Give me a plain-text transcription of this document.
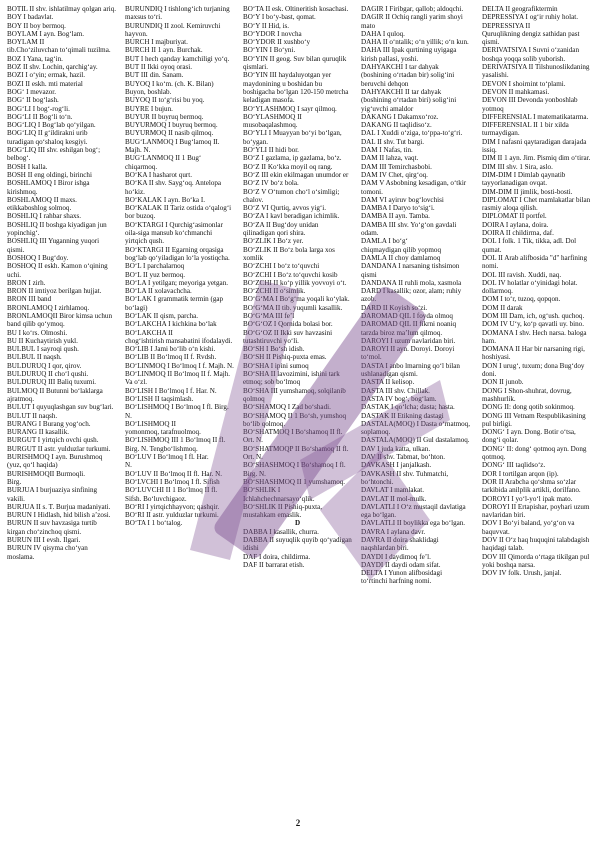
BOTIL II shv. ishlatilmay qolgan ariq.
BOY I badavlat.
BOY II boy bermoq.
BOYLAM I ayn. Bog‘lam.
BOYLAM II
tib.Cho‘ziluvchan to‘qimali tuzilma.
BOZ I Yana, tag‘in.
BOZ II shv. Lochin, qarchig‘ay.
BOZI I o‘yin; ermak, hazil.
BOZI II eskh. mti material
BOG‘ I mevazor.
BOG‘ II bog‘lash.
BOG‘LI I bog‘-rog‘li.
BOG‘LI II Bog‘li to‘n.
BOG‘LIQ I Bog‘lab qo‘yilgan.
BOG‘LIQ II g‘ildirakni urib turadigan qo‘shaloq kesgiyi.
BOG‘LIQ III shv. eshilgan bog‘; belbog‘.
BOSH I kalla.
BOSH II eng oldingi, birinchi
BOSHLAMOQ I Biror ishga kirishmoq.
BOSHLAMOQ II maxs. etikkaboshlog solmoq.
BOSHLIQ I rahbar shaxs.
BOSHLIQ II boshga kiyadigan jun yopinchig‘.
BOSHLIQ III Yuganning yuqori qismi.
BOSHOQ I Bug‘doy.
BOSHOQ II eskh. Kamon o‘qining uchi.
BRON I zirh.
BRON II imtiyoz berilgan hujjat.
BRON III band
BRONLAMOQ I zirhlamoq.
BRONLAMOQII Biror kimsa uchun band qilib qo‘ymoq.
BU I ko‘rs. Olmoshi.
BU II Kuchaytirish yukl.
BULBUL I sayroqi qush.
BULBUL II naqsh.
BULDURUQ I qor, qirov.
BULDURUQ II cho‘l qushi.
BULDURUQ III Baliq tuxumi.
BULMOQ II Butunni bo‘laklarga ajratmoq.
BULUT I quyuqlashgan suv bug‘lari.
BULUT II naqsh.
BURANG I Burang yog‘och.
BURANG II kasallik.
BURGUT I yirtqich ovchi qush.
BURGUT II astr. yulduzlar turkumi.
BURISHMOQ I ayn. Burushmoq (yuz, qo‘l haqida)
BURISHMOQII Burmoqli.
Birg.
BURJUA I burjuaziya sinfining vakili.
BURJUA II s. T. Burjua madaniyati.
BURUN I Hidlash, hid bilish a’zosi.
BURUN II suv havzasiga turtib kirgan cho‘zinchoq qismi.
BURUN III I evsh. Ilgari.
BURUN IV qisyma cho‘yan moslama.
BURUNDIQ I tishlong‘ich turjaning maxsus to‘ri.
BURUNDIQ II zool. Kemiruvchi hayvon.
BURCH I majburiyat.
BURCH II 1 ayn. Burchak.
BUT I hech qanday kamchiligi yo‘q.
BUT II Ikki oyoq orasi.
BUT III din. Sanam.
BUYOQ I ko‘m. (ch. K. Bilan) Buyon, boshlab.
BUYOQ II to‘g‘risi bu yoq.
BUYRE I bujun.
BUYUR II buyruq bermoq.
BUYURMOQ I buyruq bermoq.
BUYURMOQ II nasib qilmoq.
BUG‘LANMOQ I Bug‘lamoq II. Majh. N.
BUG‘LANMOQ II 1 Bug‘ chiqarmoq.
BO‘KA I hasharot qurt.
BO‘KA II shv. Sayg‘oq. Antelopa ho‘kiz.
BO‘KALAK I ayn. Bo‘ka I.
BO‘KALAK II Tariz ostida o‘qalog‘i bor buzoq.
BO‘KTARGI I Qurchig‘asimonlar oila-siga mansub ko‘chmanchi yirtqich qush.
BO‘KTARGI II Egarning orqasiga bog‘lab qo‘yiladigan lo‘la yostiqcha.
BO‘L I parchalarnoq
BO‘L II yuz bermoq.
BO‘LA I yetilgan; meyoriga yetgan.
BO‘LA II xolavachcha.
BO‘LAK I grammatik termin (gap bo‘lagi)
BO‘LAK II qism, parcha.
BO‘LAKCHA I kichkina bo‘lak
BO‘LAKCHA II
chog‘ishtirish mansabatini ifodalaydi.
BO‘LIB I Jami bo‘lib o‘n kishi.
BO‘LIB II Bo‘lmoq II f. Rvdsh.
BO‘LINMOQ I Bo‘lmoq I f. Majh. N.
BO‘LINMOQ II Bo‘lmoq II f. Majh. Va o‘zl.
BO‘LISH I Bo‘lmoq I f. Har. N.
BO‘LISH II taqsimlash.
BO‘LISHMOQ I Bo‘lmoq I fl. Birg. N.
BO‘LISHMOQ II
yomonmoq, tarafnuolmoq.
BO‘LISHMOQ III 1 Bo‘lmoq II fl. Birg. N. Tengbo‘lishmoq.
BO‘LUV I Bo‘lmoq I fl. Har.
N.
BO‘LUV II Bo‘lmoq II fl. Har. N.
BO‘LVCHI I Bo‘lmoq I fl. Sifish
BO‘LUVCHI II 1 Bo‘lmoq II fl. Sifsh. Bo‘luvchigaoz.
BO‘RI I yirtqichhayvon; qashqir.
BO‘RI II astr. yulduzlar turkumi.
BO‘TA I 1 bo‘talog.
BO‘TA II esk. Oltineritish kosachasi.
BO‘Y I bo‘y-bast, qomat.
BO‘Y II Hid, is.
BO‘YDOR I novcha
BO‘YDOR II xushbo‘y
BO‘YIN I Bo‘yni.
BO‘YIN II geog. Suv bilan quruqlik qismlari.
BO‘YIN III haydaluyotgan yer maydonining u boshidan bu boshigacha bo‘lgan 120-150 metrcha keladigan masofa.
BO‘YLASHMOQ I sayr qilmoq.
BO‘YLASHMOQ II musobaqalashmoq.
BO‘YLI I Muayyan bo‘yi bo‘lgan, bo‘ygan.
BO‘YLI II hidi bor.
BO‘Z I gazlama, ip gazlama, bo‘z.
BO‘Z II Ko‘kka moyil oq rang.
BO‘Z III ekin ekilmagan unumdor er
BO‘Z IV bo‘z bola.
BO‘Z V O‘tumon cho‘l o‘simligi; chalov.
BO‘Z VI Qurtiq, avvos yig‘i.
BO‘ZA I kavl beradigan ichimlik.
BO‘ZA II Bug‘doy unidan qilinadigan qori shira.
BO‘ZLIK I Bo‘z yer.
BO‘ZLIK II Bo‘z bola larga xos xomlik
BO‘ZCHI I bo‘z to‘quvchi
BO‘ZCHI I Bo‘z to‘quvchi kosib
BO‘ZCHI II ko‘p yillik yovvoyi o‘t.
BO‘ZCHI II o‘simlik.
BO‘G‘MA I Bo‘g‘ma yoqali ko‘ylak.
BO‘G‘MA II tib. yuqumli kasallik.
BO‘G‘MA III fe’l
BO‘G‘OZ I Qornida bolasi bor.
BO‘G‘OZ II Ikki suv havzasini tutashtiruvchi yo‘li.
BO‘SH I Bo‘sh idish.
BO‘SH II Pishiq-puxta emas.
BO‘SHA I ipini sumoq
BO‘SHA II lavozimini, ishini tark etmoq; sob bo‘lmoq
BO‘SHA III yumshamoq, solqilanib qolmoq
BO‘SHAMOQ I Zad bo‘shadi.
BO‘SHAMOQ II 1 Bo‘sh, yumshoq bo‘lib qolmoq.
BO‘SHATMOQ I Bo‘shamoq II fl. Ort. N.
BO‘SHATMOQP II Bo‘shamoq II fl. Ort. N.
BO‘SHASHMOQ I Bo‘shamoq I fl. Birg. N.
BO‘SHASHMOQ II 1 yumshamoq.
BO‘SHLIK I Ichlahchechnarsayo‘qlik.
BO‘SHLIK II Pishiq-puxta, mustahkam emaslik.

D
DABBA I kasallik, churra.
DABBA II suyuqlik quyib qo‘yadigan idishi
DAF I doira, childirma.
DAF II barrarat etish.
DAGIR I Firibgar, qallob; aldoqchi.
DAGIR II Ochiq rangli yarim shoyi mato
DAHA I quloq.
DAHA II o‘ntalik; o‘n yillik; o‘n kun.
DAHA III Ipak qurtining uyigaga kirish pallasi, yoshi.
DAHYAKCHI I tar dahyak (boshining o‘rtadan bir) solig‘ini beruvchi dehqon
DAHYAKCHI II tar dahyak (boshining o‘rtadan biri) solig‘ini yig‘uvchi amaldor
DAKANG I Dakamxo‘roz.
DAKANG II taqlidiso‘z.
DAL I Xuddi o‘ziga, to‘ppa-to‘g‘ri.
DAL II shv. Tut bargi.
DAM I Nafas, tin.
DAM II lahza, vaqt.
DAM III Temirchasbobi.
DAM IV Chet, qirg‘oq.
DAM V Asbobning kesadigan, o‘tkir tomoni.
DAM VI ayiruv bog‘lovchisi
DAMBA I Daryo to‘sig‘i.
DAMBA II ayn. Tamba.
DAMBA III shv. Yo‘g‘on gavdali odam.
DAMLA I bo‘g‘
chiqmaydigan qilib yopmoq
DAMLA II choy damlamoq
DANDANA I narsaning tishsimon qismi
DANDANA II ruhli mola, xasmola
DARD I kasallik; ozor, alam; ruhiy azob.
DARD II Koyish so‘zi.
DAROMAD QIL I foyda olmoq
DAROMAD QIL II fikrni noaniq tarzda biroz ma’lum qilmoq.
DAROYI I uzum navlaridan biri.
DAROYI II ayn. Doroyi. Doroyi to‘mol.
DASTA I anbo lmarning qo‘l bilan ushlanadigan qismi.
DASTA II kelisop.
DASTA III shv. Chillak.
DASTA IV bog‘, bog‘lam.
DASTAK I qo‘lcha; dasta; hasta.
DASTAK II Etikning dastagi
DASTALA(MOQ) I Dasta o‘rnatmoq, soplamoq.
DASTALA(MOQ) II Gul dastalamoq.
DAV I juda katta, ulkan.
DAV II shv. Tabmat, bo‘hton.
DAVKASH I janjalkash.
DAVKASH II shv. Tuhmatchi, bo‘htonchi.
DAVLAT I mamlakat.
DAVLAT II mol-mulk.
DAVLATLI I O‘z mustaqil davlatiga ega bo‘lgan.
DAVLATLI II boylikka ega bo‘lgan.
DAVRA I aylana davr.
DAVRA II doira shaklidagi naqshlardan biri.
DAYDI I daydimoq fe’l.
DAYDI II daydi odam sifat.
DELTA I Yunon alifbosidagi to‘rtinchi harfning nomi.
DELTA II geografiktermin
DEPRESSIYA I og‘ir ruhiy holat.
DEPRESSIYA II
Quruqlikning dengiz sathidan past qismi.
DERIVATSIYA I Suvni o‘zanidan boshqa yoqqa solib yuborish.
DERIVATSIYA II Tilshunoslikdaning yasalishi.
DEVON I shoirnint to‘plami.
DEVON II mahkamasi.
DEVON III Devonda yonboshlab yotmoq
DIFFERENSIAL I matematikatarma.
DIFFERENSIAL II 1 bir xilda turmaydigan.
DIM I nafasni qaytaradigan darajada issiq.
DIM II 1 ayn. Jim. Pismiq dim o‘tirar.
DIM III shv. 1 Sira, aslo.
DIM-DIM I Dimlab qaynatib tayyorlanadigan ovqat.
DIM-DIM II jimlik, bosti-bosti.
DIPLOMAT I Chet mamlakatlar bilan rasmiy aloqa qilish.
DIPLOMAT II portfel.
DOIRA I aylana, doira.
DOIRA II childirma, daf.
DOL I folk. 1 Tik, tikka, adl. Dol qumat.
DOL II Arab alifbosida "d" harfining nomi.
DOL III ravish. Xuddi, naq.
DOL IV holatlar o‘yinidagi holat. dollarmoq.
DOM I to‘r, tuzoq, qopqon.
DOM II darak
DOM III Dam, ich, og‘ush. quchoq.
DOM IV U‘y, ko‘p qavatli uy. bino.
DOMANA I shv. Hech narsa. baloga ham.
DOMANA II Har bir narsaning rigi, hoshiyasi.
DON I urug‘, tuxum; dona Bug‘doy doni.
DON II junob.
DONG I Shon-shuhrat, dovrug, mashhurlik.
DONG II: dong qotib sokinmoq.
DONG III Vetnam Respublikasining pul birligi.
DONG‘ I ayn. Dong. Botir o‘tsa, dong‘i qolar.
DONG‘ II: dong‘ qotmoq ayn. Dong qotmoq.
DONG‘ III taqlidso‘z.
DOR I tortilgan arqon (ip).
DOR II Arabcha qo‘shma so‘zlar tarkibida anilplik artikli, dorilfano.
DOROYI I yo‘l-yo‘l ipak mato.
DOROYI II Ertapishar, poyhari uzum navlaridan biri.
DOV I Bo‘yi baland, yo‘g‘on va baquvvat.
DOV II O‘z haq huquqini talabdagish haqidagi talab.
DOV III Qimorda o‘rtaga tikilgan pul yoki boshqa narsa.
DOV IV folk. Urush, janjal.
2
